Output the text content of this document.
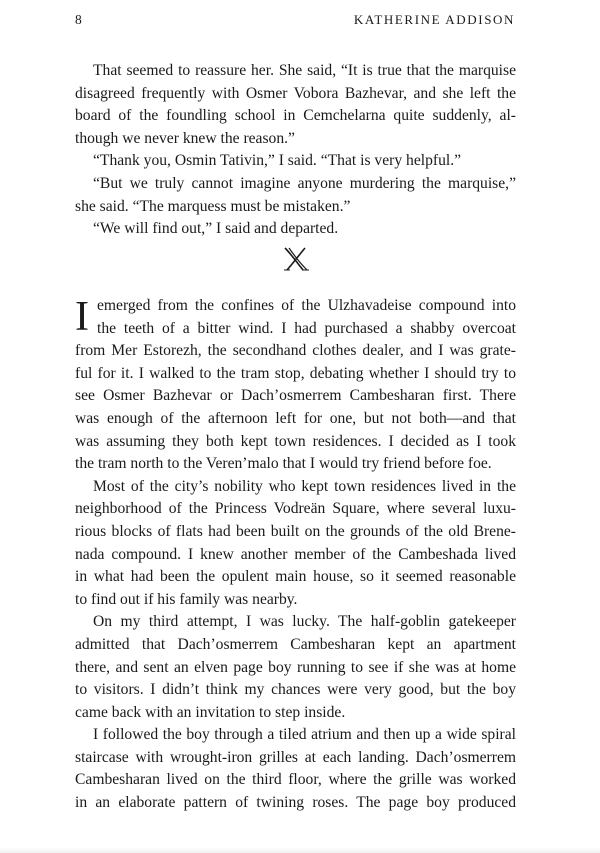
8	KATHERINE ADDISON
That seemed to reassure her. She said, “It is true that the marquise
disagreed frequently with Osmer Vobora Bazhevar, and she left the
board of the foundling school in Cemchelarna quite suddenly, al-
though we never knew the reason.”
“Thank you, Osmin Tativin,” I said. “That is very helpful.”
“But we truly cannot imagine anyone murdering the marquise,”
she said. “The marquess must be mistaken.”
“We will find out,” I said and departed.
I emerged from the confines of the Ulzhavadeise compound into
the teeth of a bitter wind. I had purchased a shabby overcoat
from Mer Estorezh, the secondhand clothes dealer, and I was grate-
ful for it. I walked to the tram stop, debating whether I should try to
see Osmer Bazhevar or Dach’osmerrem Cambesharan first. There
was enough of the afternoon left for one, but not both—and that
was assuming they both kept town residences. I decided as I took
the tram north to the Veren’malo that I would try friend before foe.
Most of the city’s nobility who kept town residences lived in the
neighborhood of the Princess Vodreän Square, where several luxu-
rious blocks of flats had been built on the grounds of the old Brene-
nada compound. I knew another member of the Cambeshada lived
in what had been the opulent main house, so it seemed reasonable
to find out if his family was nearby.
On my third attempt, I was lucky. The half-goblin gatekeeper
admitted that Dach’osmerrem Cambesharan kept an apartment
there, and sent an elven page boy running to see if she was at home
to visitors. I didn’t think my chances were very good, but the boy
came back with an invitation to step inside.
I followed the boy through a tiled atrium and then up a wide spiral
staircase with wrought-iron grilles at each landing. Dach’osmerrem
Cambesharan lived on the third floor, where the grille was worked
in an elaborate pattern of twining roses. The page boy produced
